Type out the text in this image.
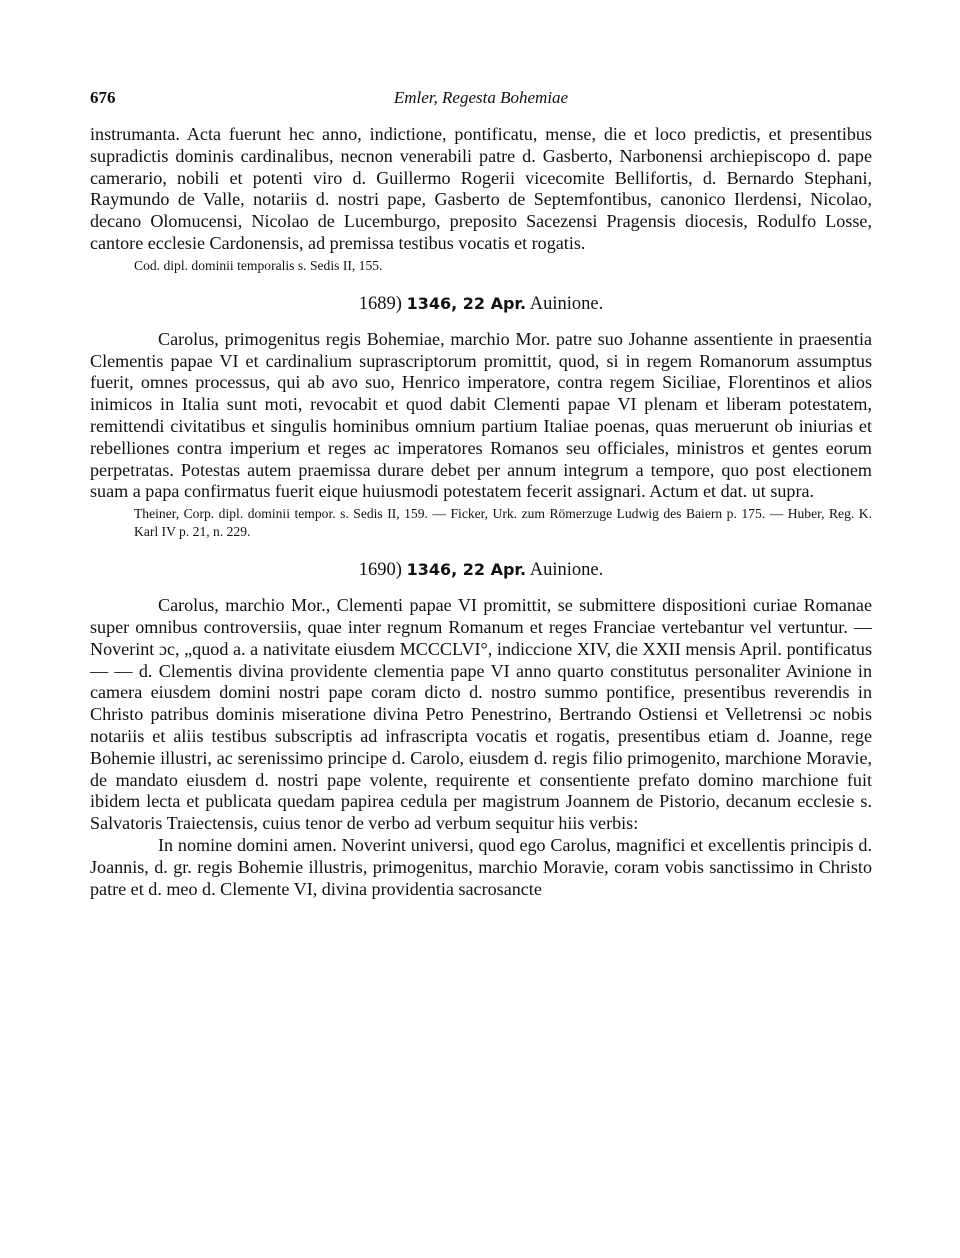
676	Emler, Regesta Bohemiae

instrumanta. Acta fuerunt hec anno, indictione, pontificatu, mense, die et loco predictis, et presentibus supradictis dominis cardinalibus, necnon venerabili patre d. Gasberto, Narbonensi archiepiscopo d. pape camerario, nobili et potenti viro d. Guillermo Rogerii vicecomite Bellifortis, d. Bernardo Stephani, Raymundo de Valle, notariis d. nostri pape, Gasberto de Septemfontibus, canonico Ilerdensi, Nicolao, decano Olomucensi, Nicolao de Lucemburgo, preposito Sacezensi Pragensis diocesis, Rodulfo Losse, cantore ecclesie Cardonensis, ad premissa testibus vocatis et rogatis.

Cod. dipl. dominii temporalis s. Sedis II, 155.

1689) 1346, 22 Apr. Auinione.

Carolus, primogenitus regis Bohemiae, marchio Mor. patre suo Johanne assentiente in praesentia Clementis papae VI et cardinalium suprascriptorum promittit, quod, si in regem Romanorum assumptus fuerit, omnes processus, qui ab avo suo, Henrico imperatore, contra regem Siciliae, Florentinos et alios inimicos in Italia sunt moti, revocabit et quod dabit Clementi papae VI plenam et liberam potestatem, remittendi civitatibus et singulis hominibus omnium partium Italiae poenas, quas meruerunt ob iniurias et rebelliones contra imperium et reges ac imperatores Romanos seu officiales, ministros et gentes eorum perpetratas. Potestas autem praemissa durare debet per annum integrum a tempore, quo post electionem suam a papa confirmatus fuerit eique huiusmodi potestatem fecerit assignari. Actum et dat. ut supra.

Theiner, Corp. dipl. dominii tempor. s. Sedis II, 159. — Ficker, Urk. zum Römerzuge Ludwig des Baiern p. 175. — Huber, Reg. K. Karl IV p. 21, n. 229.

1690) 1346, 22 Apr. Auinione.

Carolus, marchio Mor., Clementi papae VI promittit, se submittere dispositioni curiae Romanae super omnibus controversiis, quae inter regnum Romanum et reges Franciae vertebantur vel vertuntur. — Noverint ɔc, „quod a. a nativitate eiusdem MCCCLVI°, indiccione XIV, die XXII mensis April. pontificatus — — d. Clementis divina providente clementia pape VI anno quarto constitutus personaliter Avinione in camera eiusdem domini nostri pape coram dicto d. nostro summo pontifice, presentibus reverendis in Christo patribus dominis miseratione divina Petro Penestrino, Bertrando Ostiensi et Velletrensi ɔc nobis notariis et aliis testibus subscriptis ad infrascripta vocatis et rogatis, presentibus etiam d. Joanne, rege Bohemie illustri, ac serenissimo principe d. Carolo, eiusdem d. regis filio primogenito, marchione Moravie, de mandato eiusdem d. nostri pape volente, requirente et consentiente prefato domino marchione fuit ibidem lecta et publicata quedam papirea cedula per magistrum Joannem de Pistorio, decanum ecclesie s. Salvatoris Traiectensis, cuius tenor de verbo ad verbum sequitur hiis verbis:

In nomine domini amen. Noverint universi, quod ego Carolus, magnifici et excellentis principis d. Joannis, d. gr. regis Bohemie illustris, primogenitus, marchio Moravie, coram vobis sanctissimo in Christo patre et d. meo d. Clemente VI, divina providentia sacrosancte
